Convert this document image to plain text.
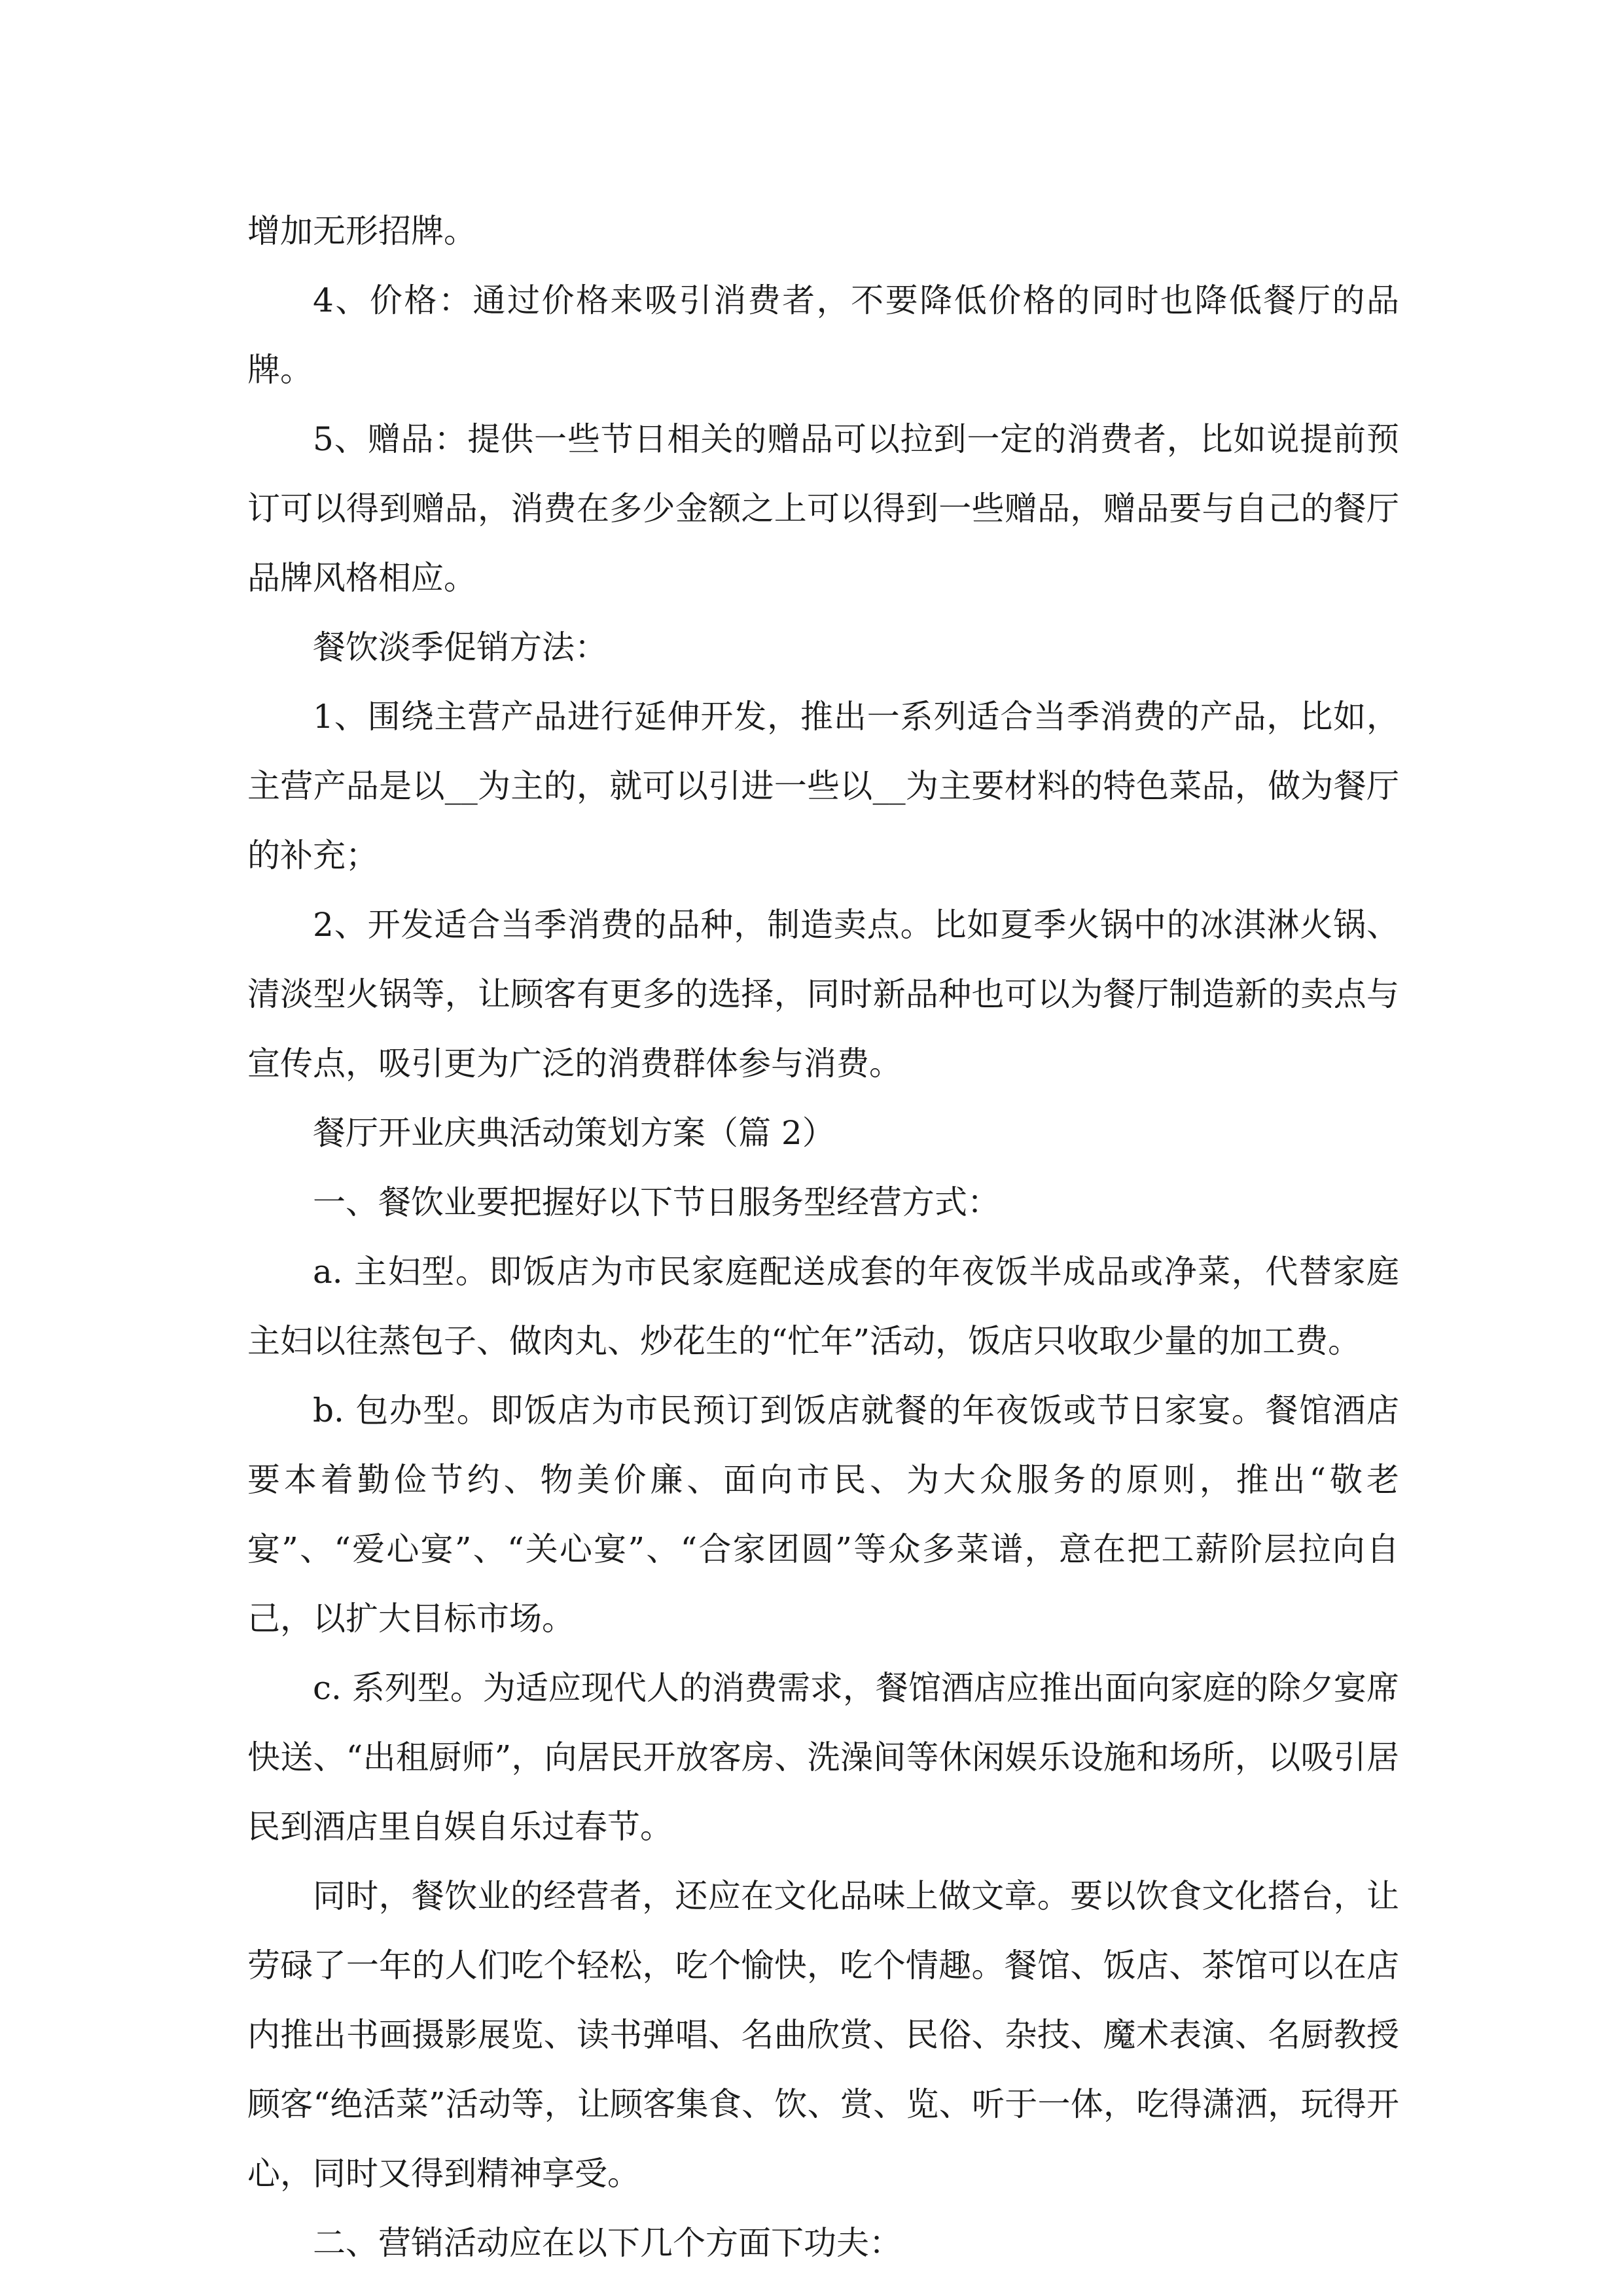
增加无形招牌。

4、价格：通过价格来吸引消费者，不要降低价格的同时也降低餐厅的品牌。

5、赠品：提供一些节日相关的赠品可以拉到一定的消费者，比如说提前预订可以得到赠品，消费在多少金额之上可以得到一些赠品，赠品要与自己的餐厅品牌风格相应。

餐饮淡季促销方法：

1、围绕主营产品进行延伸开发，推出一系列适合当季消费的产品，比如，主营产品是以__为主的，就可以引进一些以__为主要材料的特色菜品，做为餐厅的补充；

2、开发适合当季消费的品种，制造卖点。比如夏季火锅中的冰淇淋火锅、清淡型火锅等，让顾客有更多的选择，同时新品种也可以为餐厅制造新的卖点与宣传点，吸引更为广泛的消费群体参与消费。

餐厅开业庆典活动策划方案（篇 2）

一、餐饮业要把握好以下节日服务型经营方式：

a. 主妇型。即饭店为市民家庭配送成套的年夜饭半成品或净菜，代替家庭主妇以往蒸包子、做肉丸、炒花生的“忙年”活动，饭店只收取少量的加工费。

b. 包办型。即饭店为市民预订到饭店就餐的年夜饭或节日家宴。餐馆酒店要本着勤俭节约、物美价廉、面向市民、为大众服务的原则，推出“敬老宴”、“爱心宴”、“关心宴”、“合家团圆”等众多菜谱，意在把工薪阶层拉向自己，以扩大目标市场。

c. 系列型。为适应现代人的消费需求，餐馆酒店应推出面向家庭的除夕宴席快送、“出租厨师”，向居民开放客房、洗澡间等休闲娱乐设施和场所，以吸引居民到酒店里自娱自乐过春节。

同时，餐饮业的经营者，还应在文化品味上做文章。要以饮食文化搭台，让劳碌了一年的人们吃个轻松，吃个愉快，吃个情趣。餐馆、饭店、茶馆可以在店内推出书画摄影展览、读书弹唱、名曲欣赏、民俗、杂技、魔术表演、名厨教授顾客“绝活菜”活动等，让顾客集食、饮、赏、览、听于一体，吃得潇洒，玩得开心，同时又得到精神享受。

二、营销活动应在以下几个方面下功夫：
